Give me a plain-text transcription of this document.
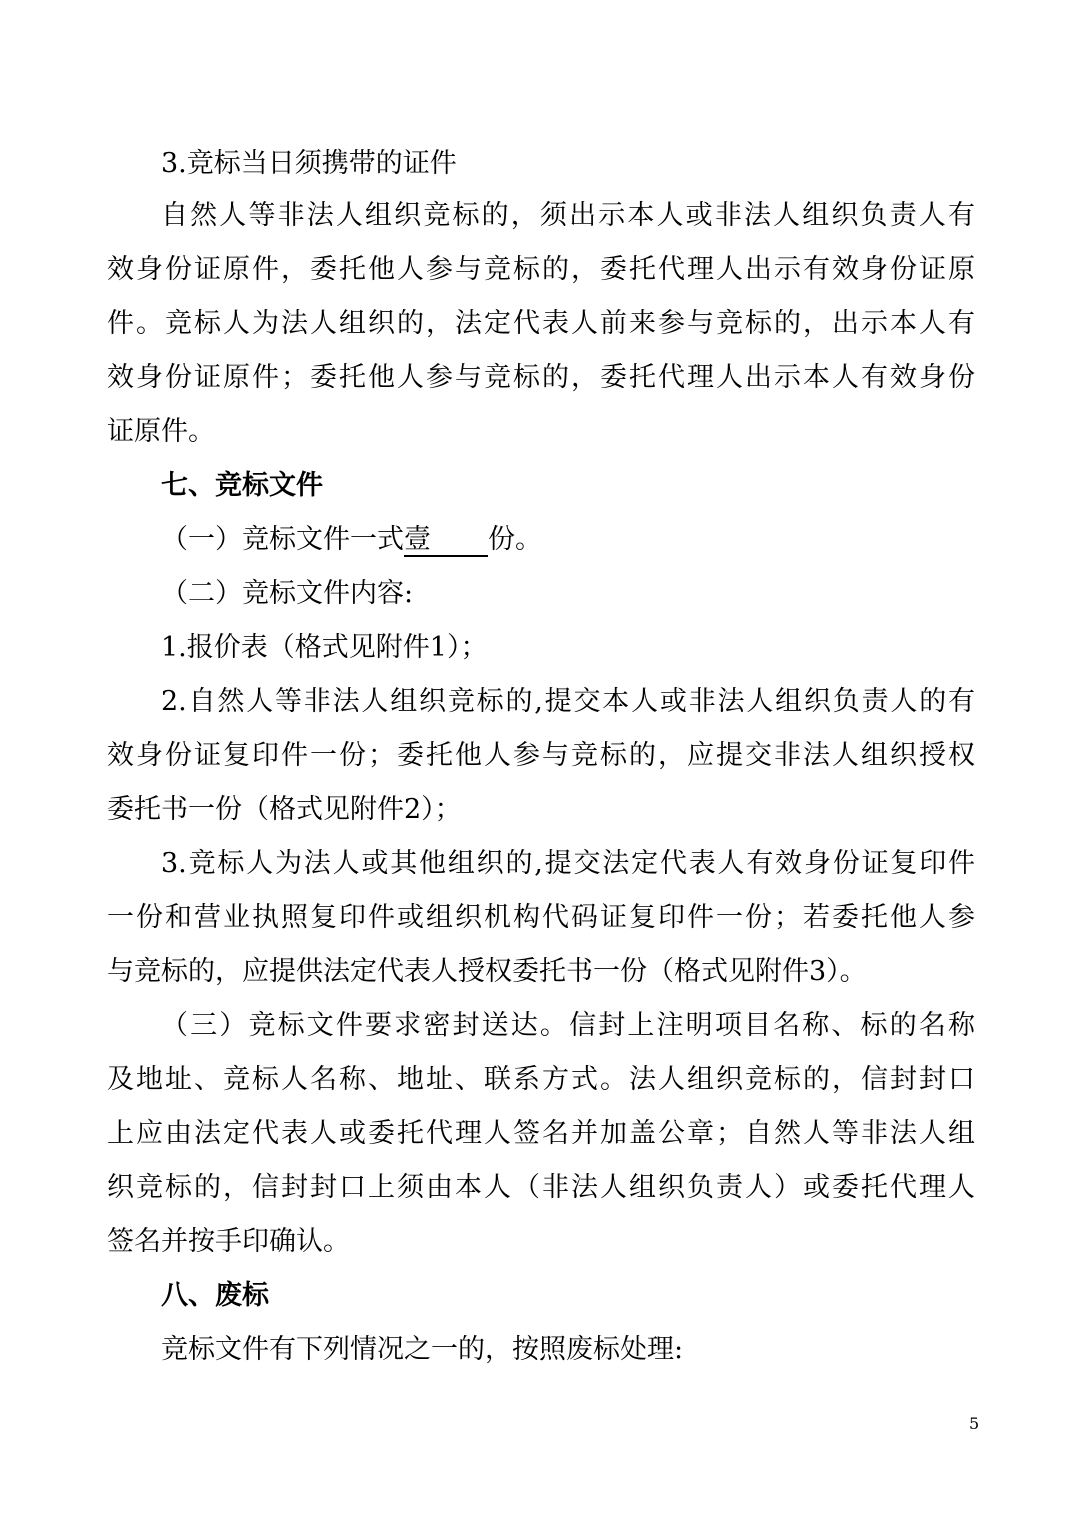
3.竞标当日须携带的证件
自然人等非法人组织竞标的，须出示本人或非法人组织负责人有
效身份证原件，委托他人参与竞标的，委托代理人出示有效身份证原
件。竞标人为法人组织的，法定代表人前来参与竞标的，出示本人有
效身份证原件；委托他人参与竞标的，委托代理人出示本人有效身份
证原件。
七、竞标文件
（一）竞标文件一式壹 份。
（二）竞标文件内容:
1.报价表（格式见附件1）；
2.自然人等非法人组织竞标的,提交本人或非法人组织负责人的有
效身份证复印件一份；委托他人参与竞标的，应提交非法人组织授权
委托书一份（格式见附件2）；
3.竞标人为法人或其他组织的,提交法定代表人有效身份证复印件
一份和营业执照复印件或组织机构代码证复印件一份；若委托他人参
与竞标的，应提供法定代表人授权委托书一份（格式见附件3）。
（三）竞标文件要求密封送达。信封上注明项目名称、标的名称
及地址、竞标人名称、地址、联系方式。法人组织竞标的，信封封口
上应由法定代表人或委托代理人签名并加盖公章；自然人等非法人组
织竞标的，信封封口上须由本人（非法人组织负责人）或委托代理人
签名并按手印确认。
八、废标
竞标文件有下列情况之一的，按照废标处理:
5
